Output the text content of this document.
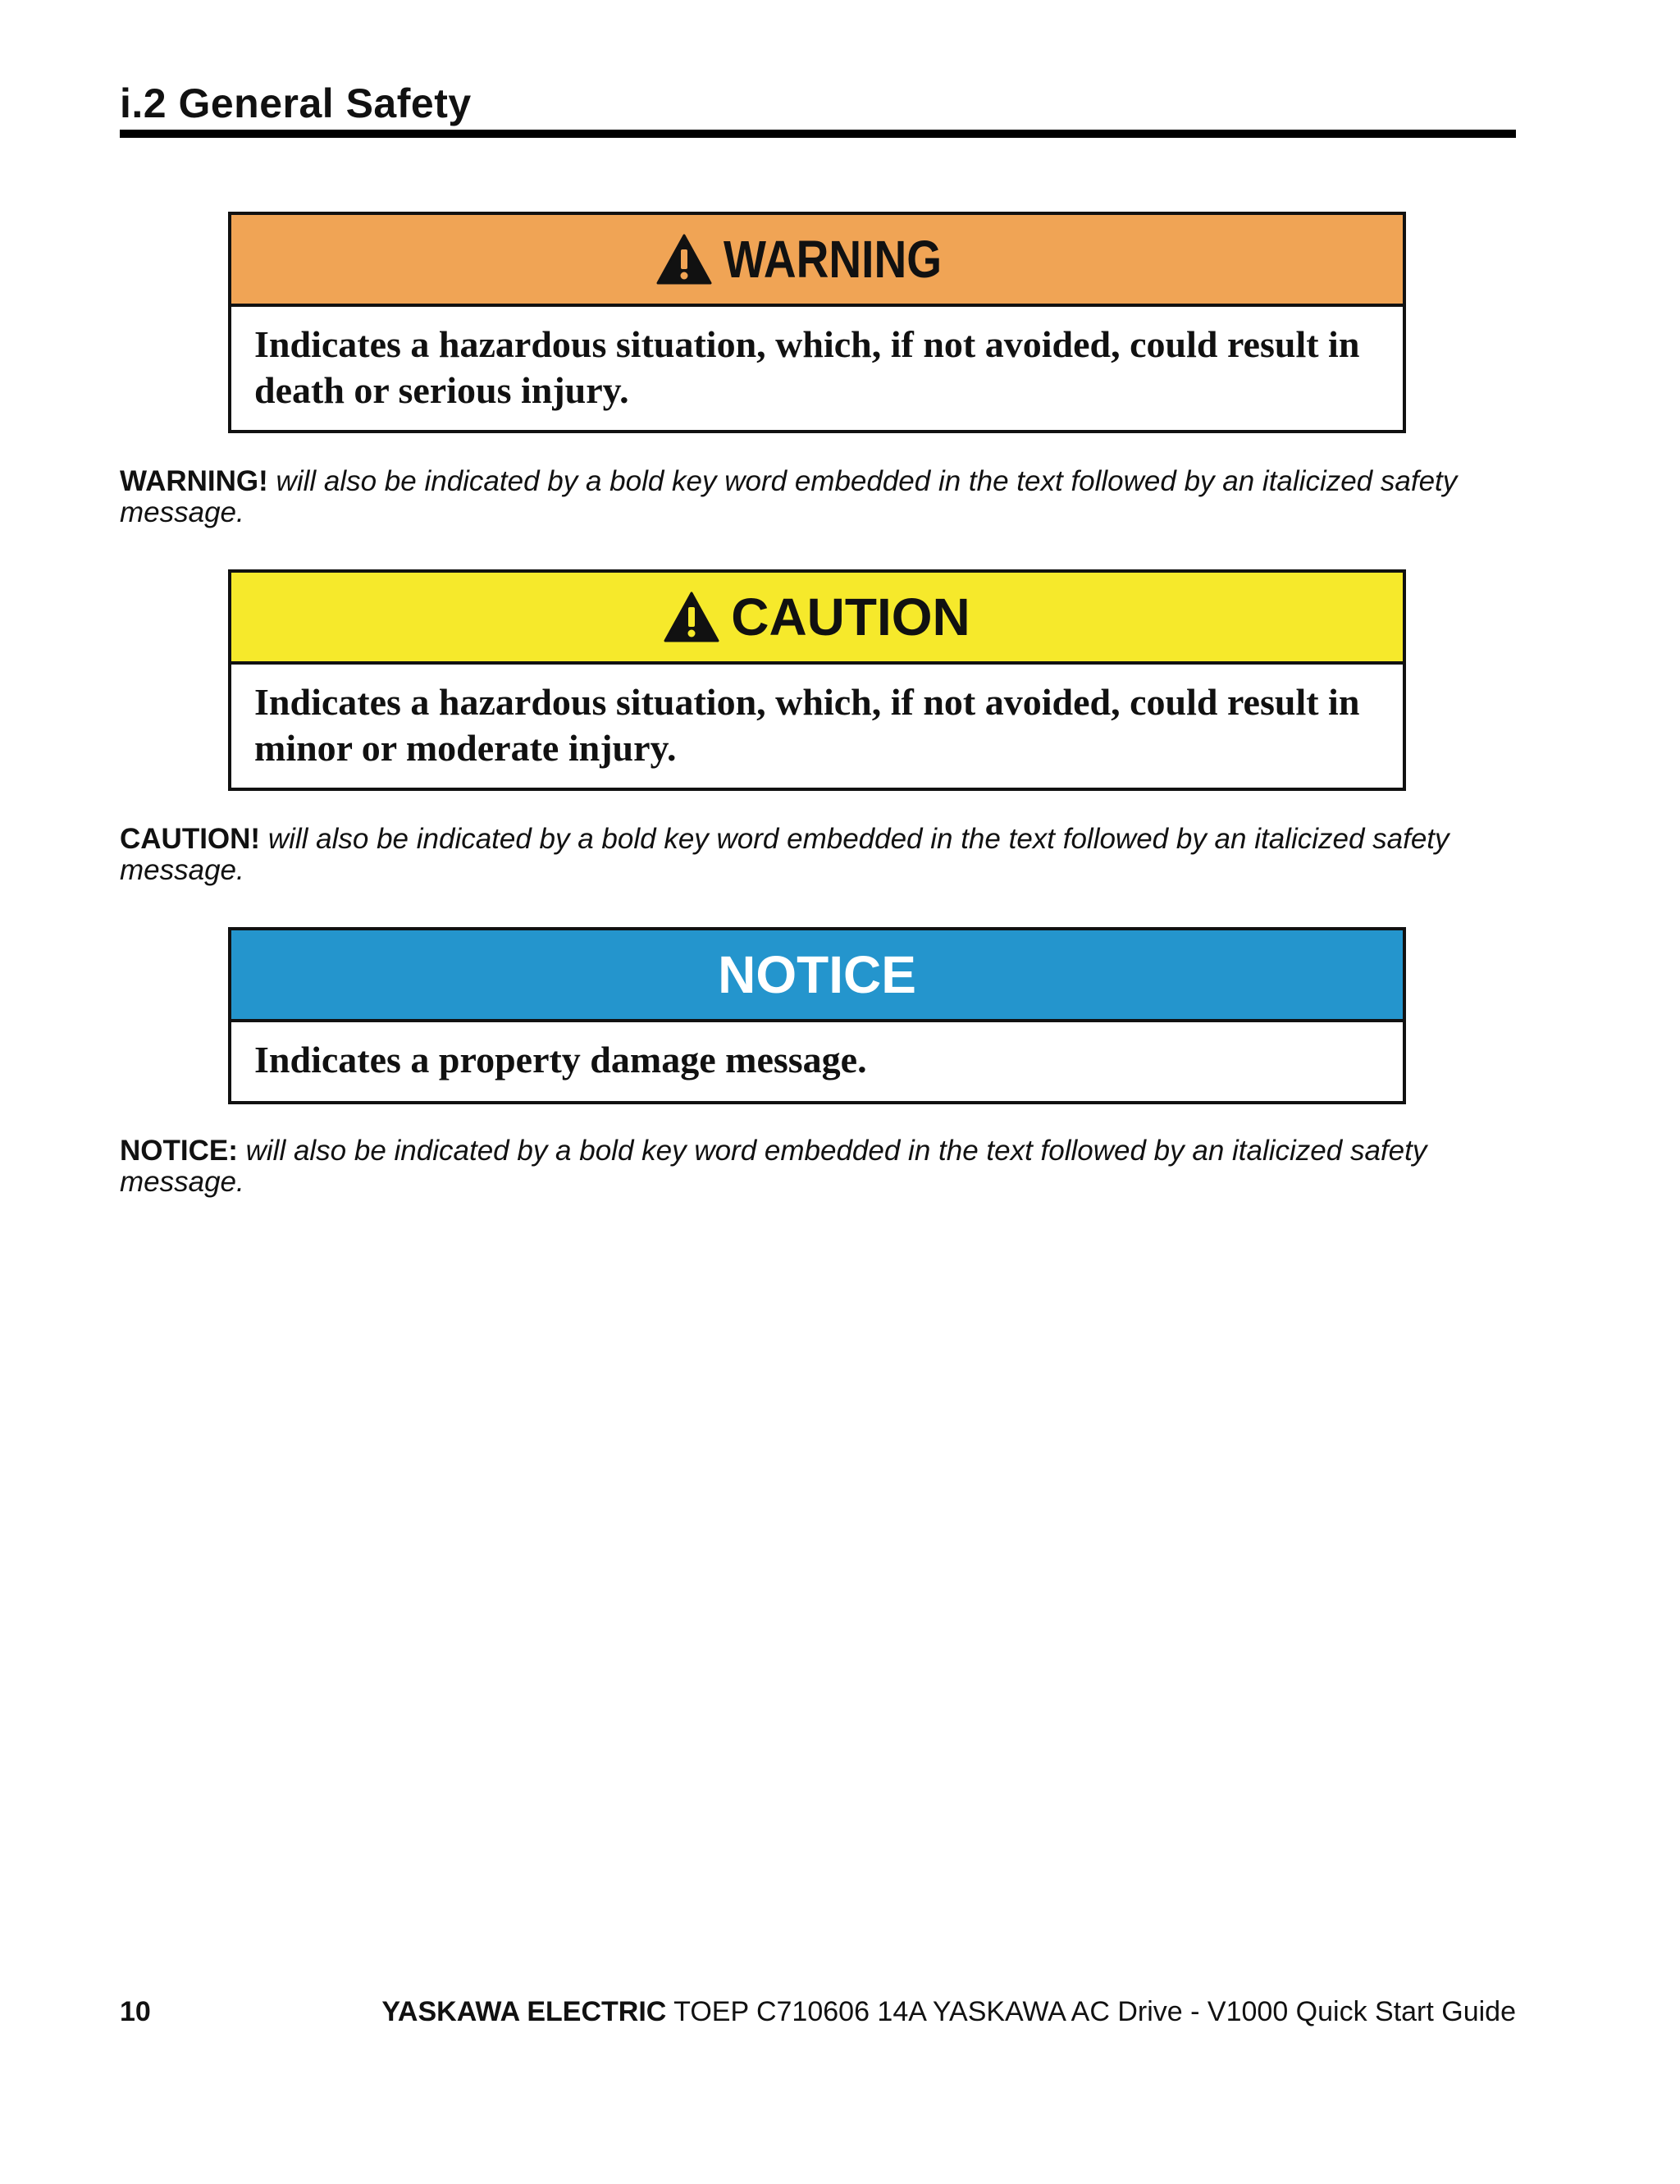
i.2 General Safety
WARNING
Indicates a hazardous situation, which, if not avoided, could result in death or serious injury.
WARNING! will also be indicated by a bold key word embedded in the text followed by an italicized safety message.
CAUTION
Indicates a hazardous situation, which, if not avoided, could result in minor or moderate injury.
CAUTION! will also be indicated by a bold key word embedded in the text followed by an italicized safety message.
NOTICE
Indicates a property damage message.
NOTICE: will also be indicated by a bold key word embedded in the text followed by an italicized safety message.
10	YASKAWA ELECTRIC TOEP C710606 14A YASKAWA AC Drive - V1000 Quick Start Guide
